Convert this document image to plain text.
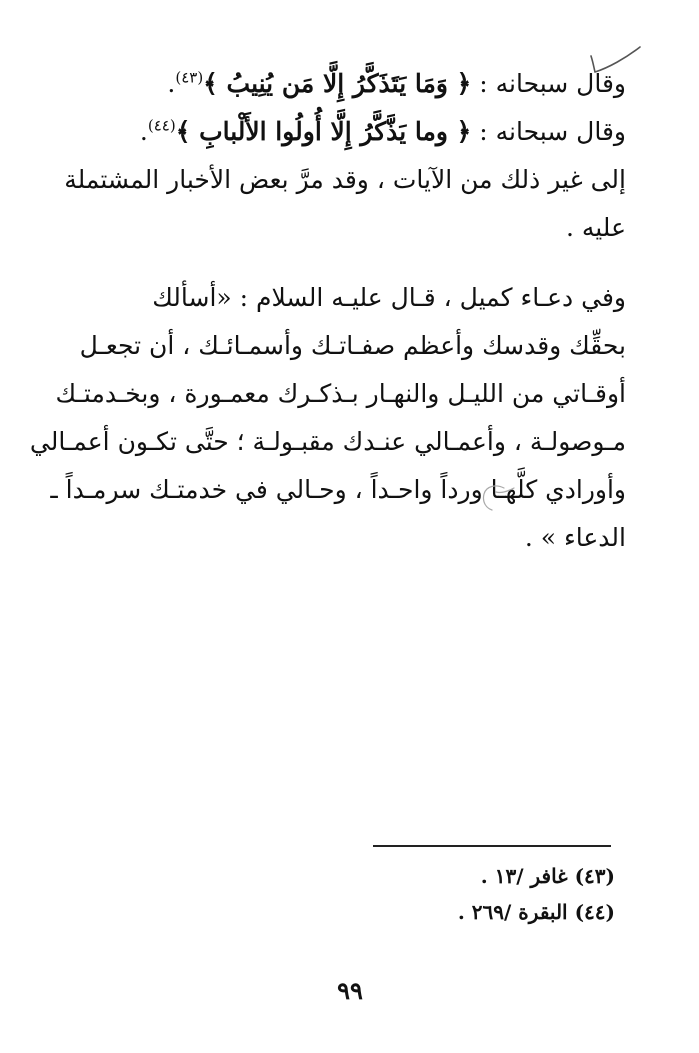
وقال سبحانه : ﴿ وَمَا يَتَذَكَّرُ إِلَّا مَن يُنِيبُ ﴾$^{(٤٣)}$.
وقال سبحانه : ﴿ وما يَذَّكَّرُ إِلَّا أُولُوا الأَلْبابِ ﴾$^{(٤٤)}$.
إلى غير ذلك من الآيات ، وقد مرَّ بعض الأخبار المشتملة
عليه .
وفي دعـاء كميل ، قـال عليـه السلام : «أسألك
بحقِّك وقدسك وأعظم صفـاتـك وأسمـائـك ، أن تجعـل
أوقـاتي من الليـل والنهـار بـذكـرك معمـورة ، وبخـدمتـك
مـوصولـة ، وأعمـالي عنـدك مقبـولـة ؛ حتَّى تكـون أعمـالي
وأورادي كلَّهـا ورداً واحـداً ، وحـالي في خدمتـك سرمـداً ـ
الدعاء » .
(٤٣) غافر /١٣ .
(٤٤) البقرة /٢٦٩ .
٩٩
